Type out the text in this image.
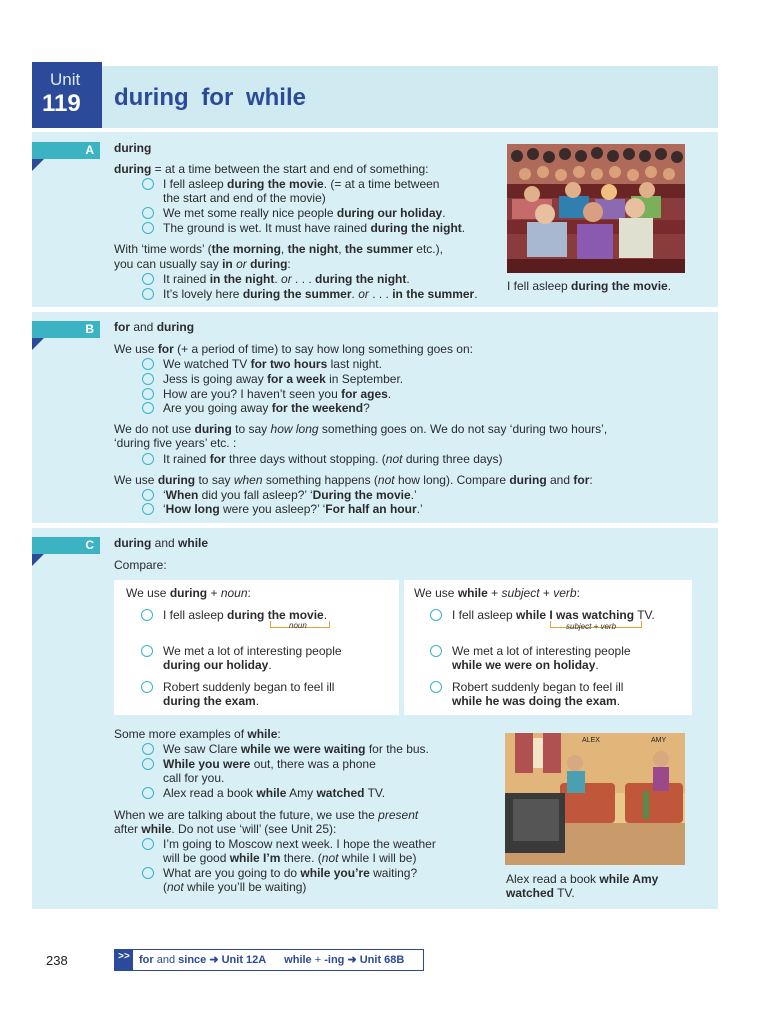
Unit
119 during for while
A during
during = at a time between the start and end of something:
I fell asleep during the movie. (= at a time between
the start and end of the movie)
We met some really nice people during our holiday.
The ground is wet. It must have rained during the night.
With ‘time words’ (the morning, the night, the summer etc.),
you can usually say in or during:
It rained in the night. or . . . during the night.
It’s lovely here during the summer. or . . . in the summer.
I fell asleep during the movie.
B for and during
We use for (+ a period of time) to say how long something goes on:
We watched TV for two hours last night.
Jess is going away for a week in September.
How are you? I haven’t seen you for ages.
Are you going away for the weekend?
We do not use during to say how long something goes on. We do not say ‘during two hours’,
‘during five years’ etc. :
It rained for three days without stopping. (not during three days)
We use during to say when something happens (not how long). Compare during and for:
‘When did you fall asleep?’ ‘During the movie.’
‘How long were you asleep?’ ‘For half an hour.’
C during and while
Compare:
We use during + noun:
I fell asleep during the movie.
noun
We met a lot of interesting people
during our holiday.
Robert suddenly began to feel ill
during the exam.
We use while + subject + verb:
I fell asleep while I was watching TV.
subject + verb
We met a lot of interesting people
while we were on holiday.
Robert suddenly began to feel ill
while he was doing the exam.
Some more examples of while:
We saw Clare while we were waiting for the bus.
While you were out, there was a phone
call for you.
Alex read a book while Amy watched TV.
When we are talking about the future, we use the present
after while. Do not use ‘will’ (see Unit 25):
I’m going to Moscow next week. I hope the weather
will be good while I’m there. (not while I will be)
What are you going to do while you’re waiting?
(not while you’ll be waiting)
ALEX	AMY
Alex read a book while Amy
watched TV.
238	>> for and since ➜ Unit 12A while + -ing ➜ Unit 68B
